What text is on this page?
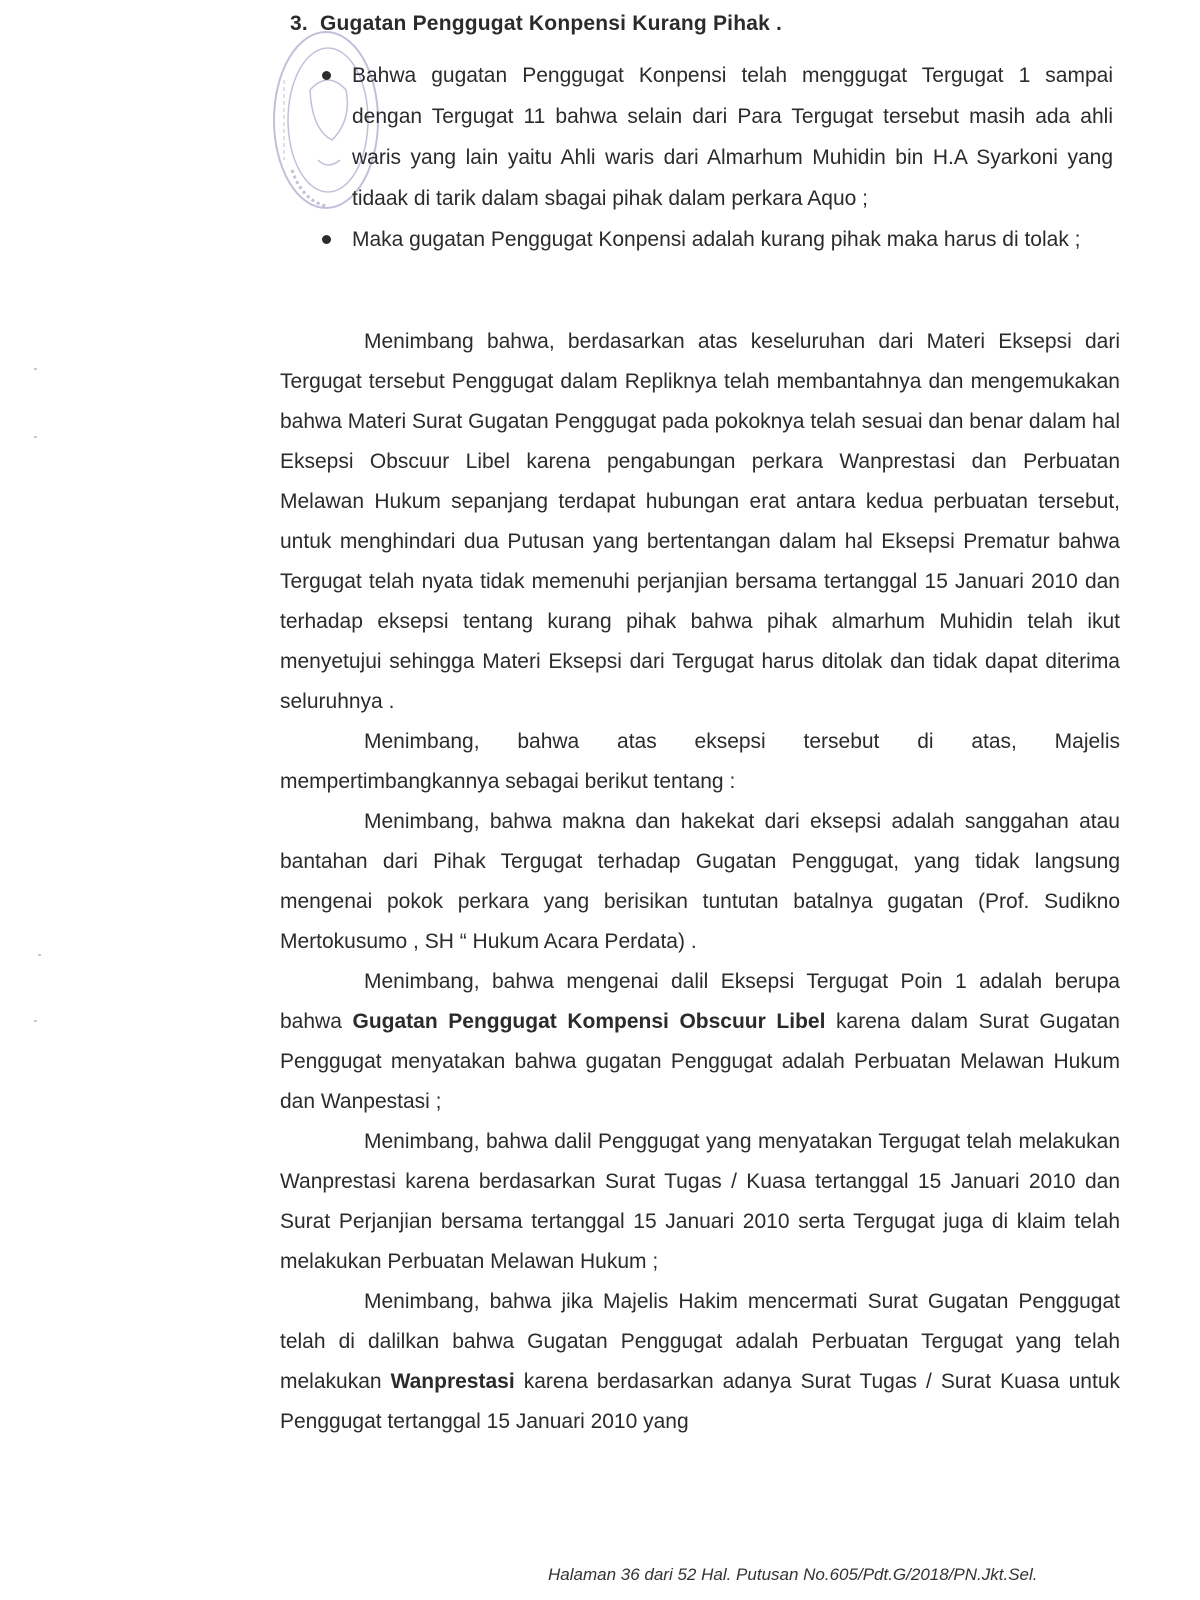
3. Gugatan Penggugat Konpensi Kurang Pihak .
Bahwa gugatan Penggugat Konpensi telah menggugat Tergugat 1 sampai dengan Tergugat 11 bahwa selain dari Para Tergugat tersebut masih ada ahli waris yang lain yaitu Ahli waris dari Almarhum Muhidin bin H.A Syarkoni yang tidaak di tarik dalam sbagai pihak dalam perkara Aquo ;
Maka gugatan Penggugat Konpensi adalah kurang pihak maka harus di tolak ;

Menimbang bahwa, berdasarkan atas keseluruhan dari Materi Eksepsi dari Tergugat tersebut Penggugat dalam Repliknya telah membantahnya dan mengemukakan bahwa Materi Surat Gugatan Penggugat pada pokoknya telah sesuai dan benar dalam hal Eksepsi Obscuur Libel karena pengabungan perkara Wanprestasi dan Perbuatan Melawan Hukum sepanjang terdapat hubungan erat antara kedua perbuatan tersebut, untuk menghindari dua Putusan yang bertentangan dalam hal Eksepsi Prematur bahwa Tergugat telah nyata tidak memenuhi perjanjian bersama tertanggal 15 Januari 2010 dan terhadap eksepsi tentang kurang pihak bahwa pihak almarhum Muhidin telah ikut menyetujui sehingga Materi Eksepsi dari Tergugat harus ditolak dan tidak dapat diterima seluruhnya .

Menimbang, bahwa atas eksepsi tersebut di atas, Majelis mempertimbangkannya sebagai berikut tentang :

Menimbang, bahwa makna dan hakekat dari eksepsi adalah sanggahan atau bantahan dari Pihak Tergugat terhadap Gugatan Penggugat, yang tidak langsung mengenai pokok perkara yang berisikan tuntutan batalnya gugatan (Prof. Sudikno Mertokusumo , SH “ Hukum Acara Perdata) .

Menimbang, bahwa mengenai dalil Eksepsi Tergugat Poin 1 adalah berupa bahwa Gugatan Penggugat Kompensi Obscuur Libel karena dalam Surat Gugatan Penggugat menyatakan bahwa gugatan Penggugat adalah Perbuatan Melawan Hukum dan Wanpestasi ;

Menimbang, bahwa dalil Penggugat yang menyatakan Tergugat telah melakukan Wanprestasi karena berdasarkan Surat Tugas / Kuasa tertanggal 15 Januari 2010 dan Surat Perjanjian bersama tertanggal 15 Januari 2010 serta Tergugat juga di klaim telah melakukan Perbuatan Melawan Hukum ;

Menimbang, bahwa jika Majelis Hakim mencermati Surat Gugatan Penggugat telah di dalilkan bahwa Gugatan Penggugat adalah Perbuatan Tergugat yang telah melakukan Wanprestasi karena berdasarkan adanya Surat Tugas / Surat Kuasa untuk Penggugat tertanggal 15 Januari 2010 yang

Halaman 36 dari 52 Hal. Putusan No.605/Pdt.G/2018/PN.Jkt.Sel.
